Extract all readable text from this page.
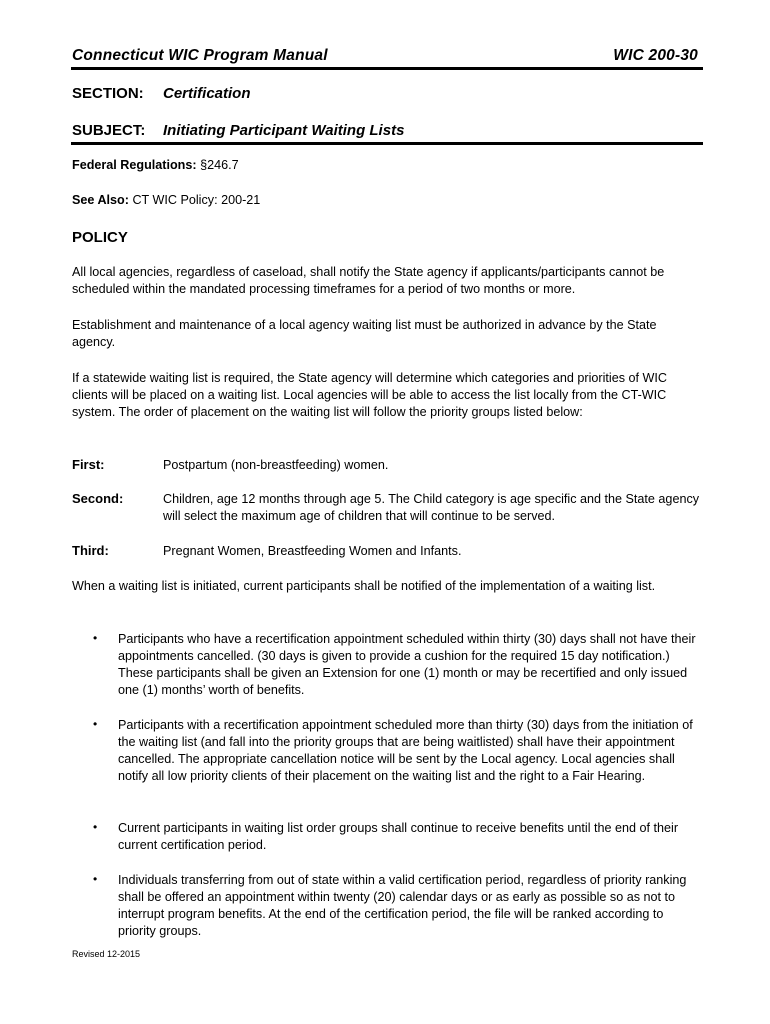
Connecticut WIC Program Manual	WIC 200-30
SECTION: Certification
SUBJECT: Initiating Participant Waiting Lists
Federal Regulations: §246.7
See Also: CT WIC Policy: 200-21
POLICY
All local agencies, regardless of caseload, shall notify the State agency if applicants/participants cannot be scheduled within the mandated processing timeframes for a period of two months or more.
Establishment and maintenance of a local agency waiting list must be authorized in advance by the State agency.
If a statewide waiting list is required, the State agency will determine which categories and priorities of WIC clients will be placed on a waiting list. Local agencies will be able to access the list locally from the CT-WIC system. The order of placement on the waiting list will follow the priority groups listed below:
First:	Postpartum (non-breastfeeding) women.
Second:	Children, age 12 months through age 5. The Child category is age specific and the State agency will select the maximum age of children that will continue to be served.
Third:	Pregnant Women, Breastfeeding Women and Infants.
When a waiting list is initiated, current participants shall be notified of the implementation of a waiting list.
• Participants who have a recertification appointment scheduled within thirty (30) days shall not have their appointments cancelled. (30 days is given to provide a cushion for the required 15 day notification.) These participants shall be given an Extension for one (1) month or may be recertified and only issued one (1) months’ worth of benefits.
• Participants with a recertification appointment scheduled more than thirty (30) days from the initiation of the waiting list (and fall into the priority groups that are being waitlisted) shall have their appointment cancelled. The appropriate cancellation notice will be sent by the Local agency. Local agencies shall notify all low priority clients of their placement on the waiting list and the right to a Fair Hearing.
• Current participants in waiting list order groups shall continue to receive benefits until the end of their current certification period.
• Individuals transferring from out of state within a valid certification period, regardless of priority ranking shall be offered an appointment within twenty (20) calendar days or as early as possible so as not to interrupt program benefits. At the end of the certification period, the file will be ranked according to priority groups.
Revised 12-2015
